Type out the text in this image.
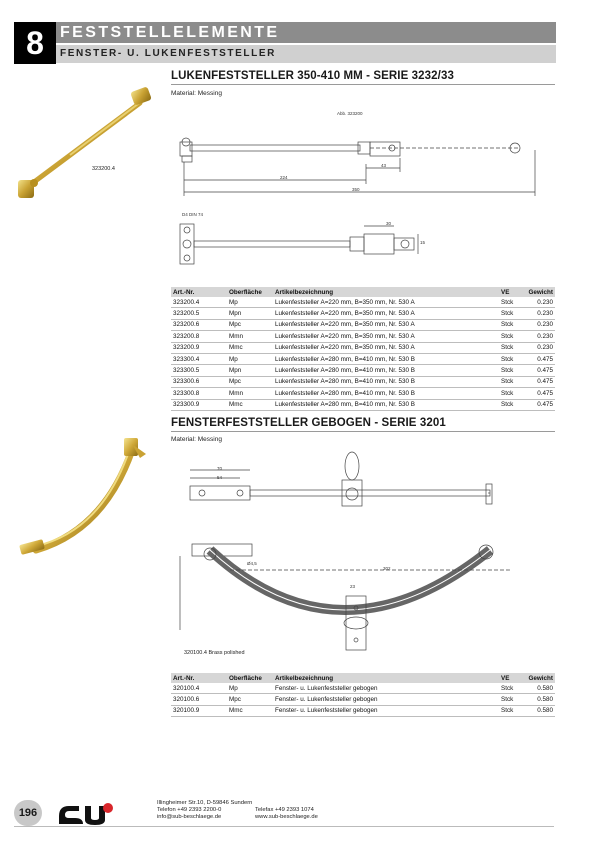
8	FESTSTELLELEMENTE
FENSTER- U. LUKENFESTSTELLER
LUKENFESTSTELLER 350-410 MM - SERIE 3232/33
Material: Messing
323200.4
Abb. 323200
43
224
350
D4 DIN 74
30
15
Art.-Nr.	Oberfläche	Artikelbezeichnung	VE	Gewicht
323200.4	Mp	Lukenfeststeller A=220 mm, B=350 mm, Nr. 530 A	Stck	0.230
323200.5	Mpn	Lukenfeststeller A=220 mm, B=350 mm, Nr. 530 A	Stck	0.230
323200.6	Mpc	Lukenfeststeller A=220 mm, B=350 mm, Nr. 530 A	Stck	0.230
323200.8	Mmn	Lukenfeststeller A=220 mm, B=350 mm, Nr. 530 A	Stck	0.230
323200.9	Mmc	Lukenfeststeller A=220 mm, B=350 mm, Nr. 530 A	Stck	0.230
323300.4	Mp	Lukenfeststeller A=280 mm, B=410 mm, Nr. 530 B	Stck	0.475
323300.5	Mpn	Lukenfeststeller A=280 mm, B=410 mm, Nr. 530 B	Stck	0.475
323300.6	Mpc	Lukenfeststeller A=280 mm, B=410 mm, Nr. 530 B	Stck	0.475
323300.8	Mmn	Lukenfeststeller A=280 mm, B=410 mm, Nr. 530 B	Stck	0.475
323300.9	Mmc	Lukenfeststeller A=280 mm, B=410 mm, Nr. 530 B	Stck	0.475
FENSTERFESTSTELLER GEBOGEN - SERIE 3201
Material: Messing
320100.4 Brass polished
70
54
302
23
Ø4,5
Art.-Nr.	Oberfläche	Artikelbezeichnung	VE	Gewicht
320100.4	Mp	Fenster- u. Lukenfeststeller gebogen	Stck	0.580
320100.6	Mpc	Fenster- u. Lukenfeststeller gebogen	Stck	0.580
320100.9	Mmc	Fenster- u. Lukenfeststeller gebogen	Stck	0.580
196
Illingheimer Str.10, D-59846 Sundern
Telefon +49 2393 2200-0	Telefax +49 2393 1074
info@sub-beschlaege.de	www.sub-beschlaege.de
